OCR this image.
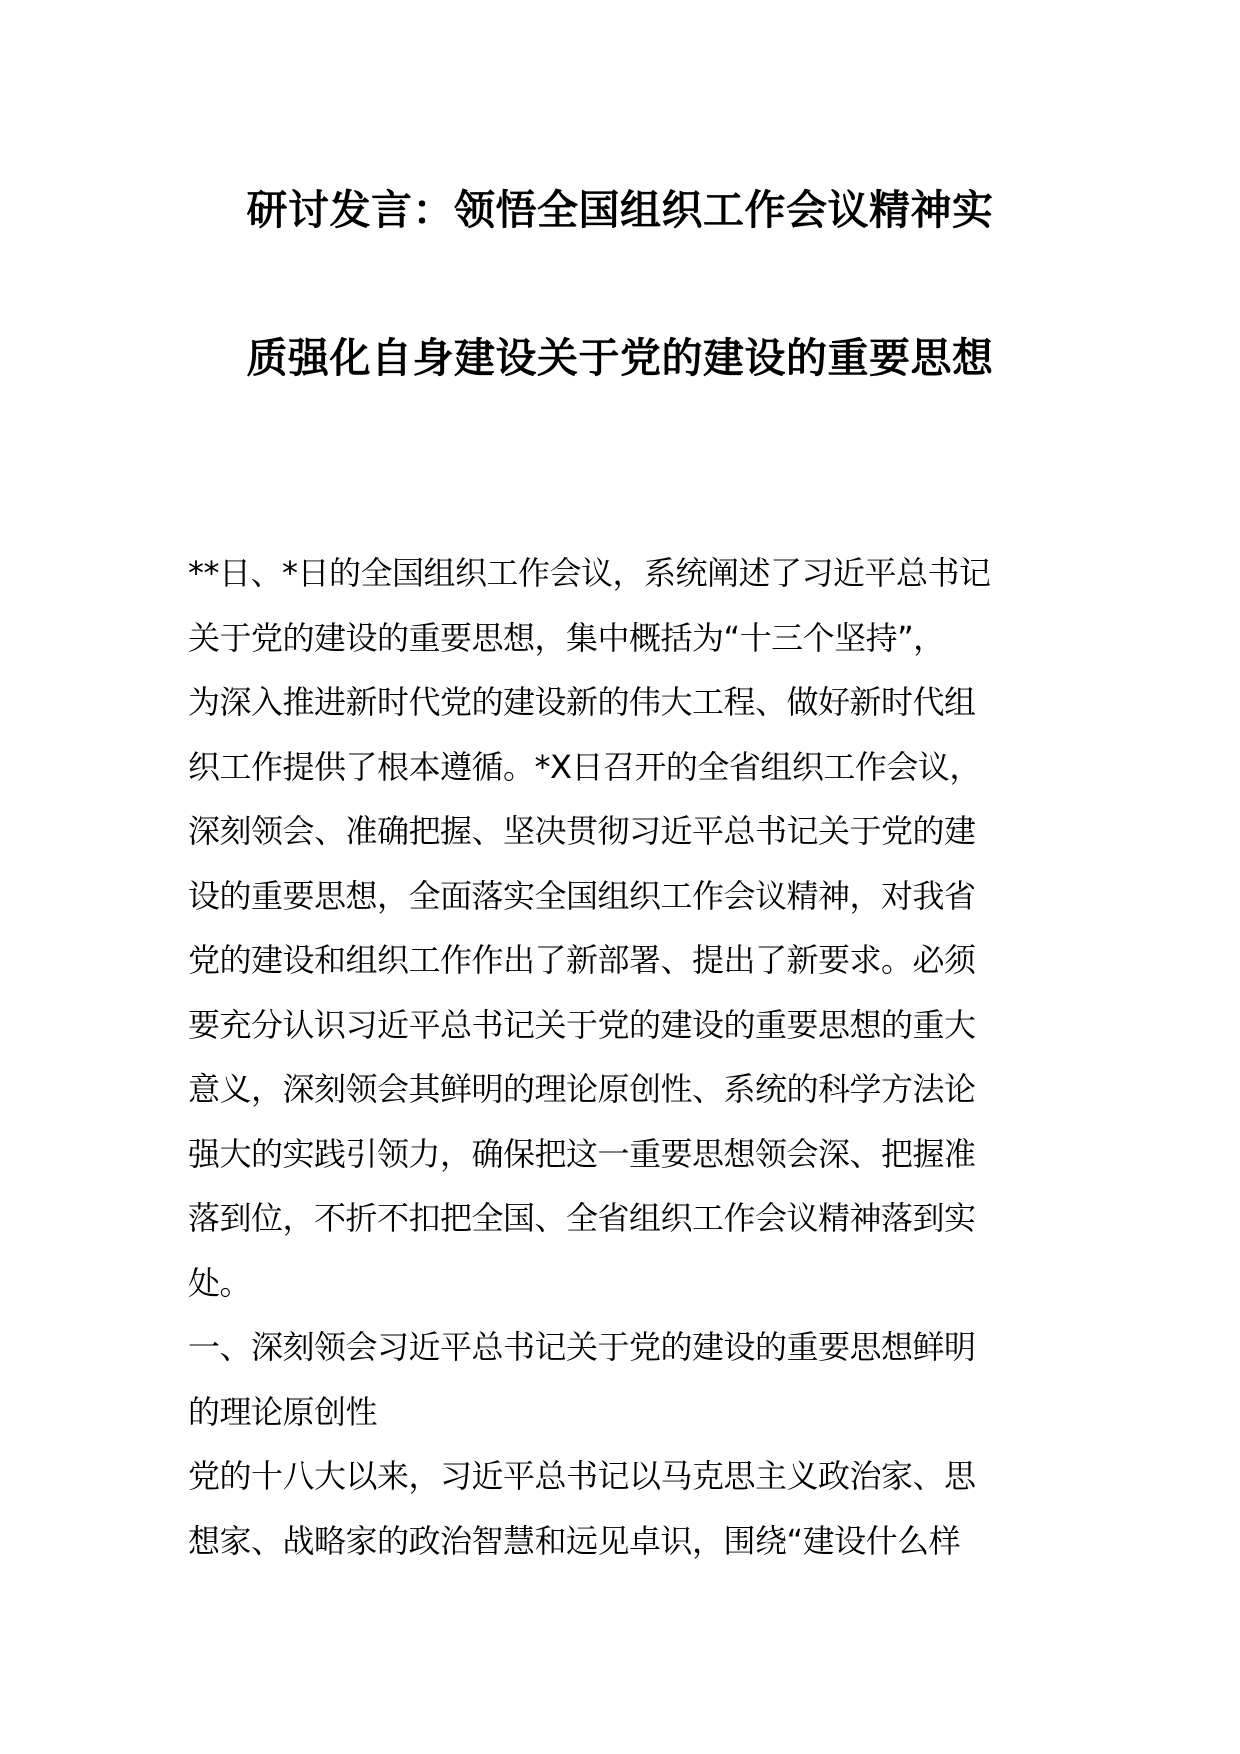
研讨发言：领悟全国组织工作会议精神实
质强化自身建设关于党的建设的重要思想
**日、*日的全国组织工作会议，系统阐述了习近平总书记
关于党的建设的重要思想，集中概括为“十三个坚持”，
为深入推进新时代党的建设新的伟大工程、做好新时代组
织工作提供了根本遵循。*X日召开的全省组织工作会议，
深刻领会、准确把握、坚决贯彻习近平总书记关于党的建
设的重要思想，全面落实全国组织工作会议精神，对我省
党的建设和组织工作作出了新部署、提出了新要求。必须
要充分认识习近平总书记关于党的建设的重要思想的重大
意义，深刻领会其鲜明的理论原创性、系统的科学方法论
强大的实践引领力，确保把这一重要思想领会深、把握准
落到位，不折不扣把全国、全省组织工作会议精神落到实
处。
一、深刻领会习近平总书记关于党的建设的重要思想鲜明
的理论原创性
党的十八大以来，习近平总书记以马克思主义政治家、思
想家、战略家的政治智慧和远见卓识，围绕“建设什么样
